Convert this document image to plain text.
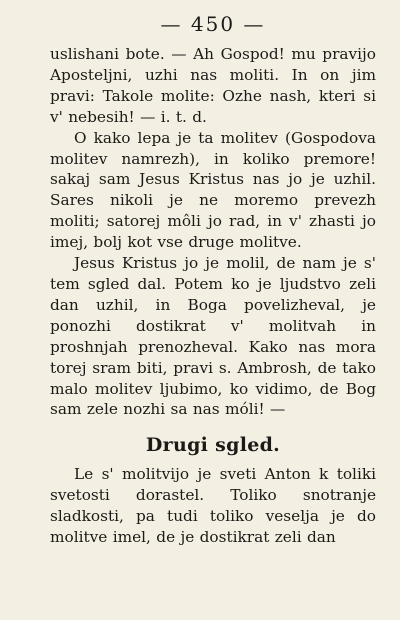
— 450 —

uslishani bote. — Ah Gospod! mu pravijo Aposteljni, uzhi nas moliti. In on jim pravi: Takole molite: Ozhe nash, kteri si v' nebesih! — i. t. d.

O kako lepa je ta molitev (Gospodova molitev namrezh), in koliko premore! sakaj sam Jesus Kristus nas jo je uzhil. Sares nikoli je ne moremo prevezh moliti; satorej môli jo rad, in v' zhasti jo imej, bolj kot vse druge molitve.

Jesus Kristus jo je molil, de nam je s' tem sgled dal. Potem ko je ljudstvo zeli dan uzhil, in Boga povelizheval, je ponozhi dostikrat v' molitvah in proshnjah prenozheval. Kako nas mora torej sram biti, pravi s. Ambrosh, de tako malo molitev ljubimo, ko vidimo, de Bog sam zele nozhi sa nas móli! —

Drugi sgled.

Le s' molitvijo je sveti Anton k toliki svetosti dorastel. Toliko snotranje sladkosti, pa tudi toliko veselja je do molitve imel, de je dostikrat zeli dan
